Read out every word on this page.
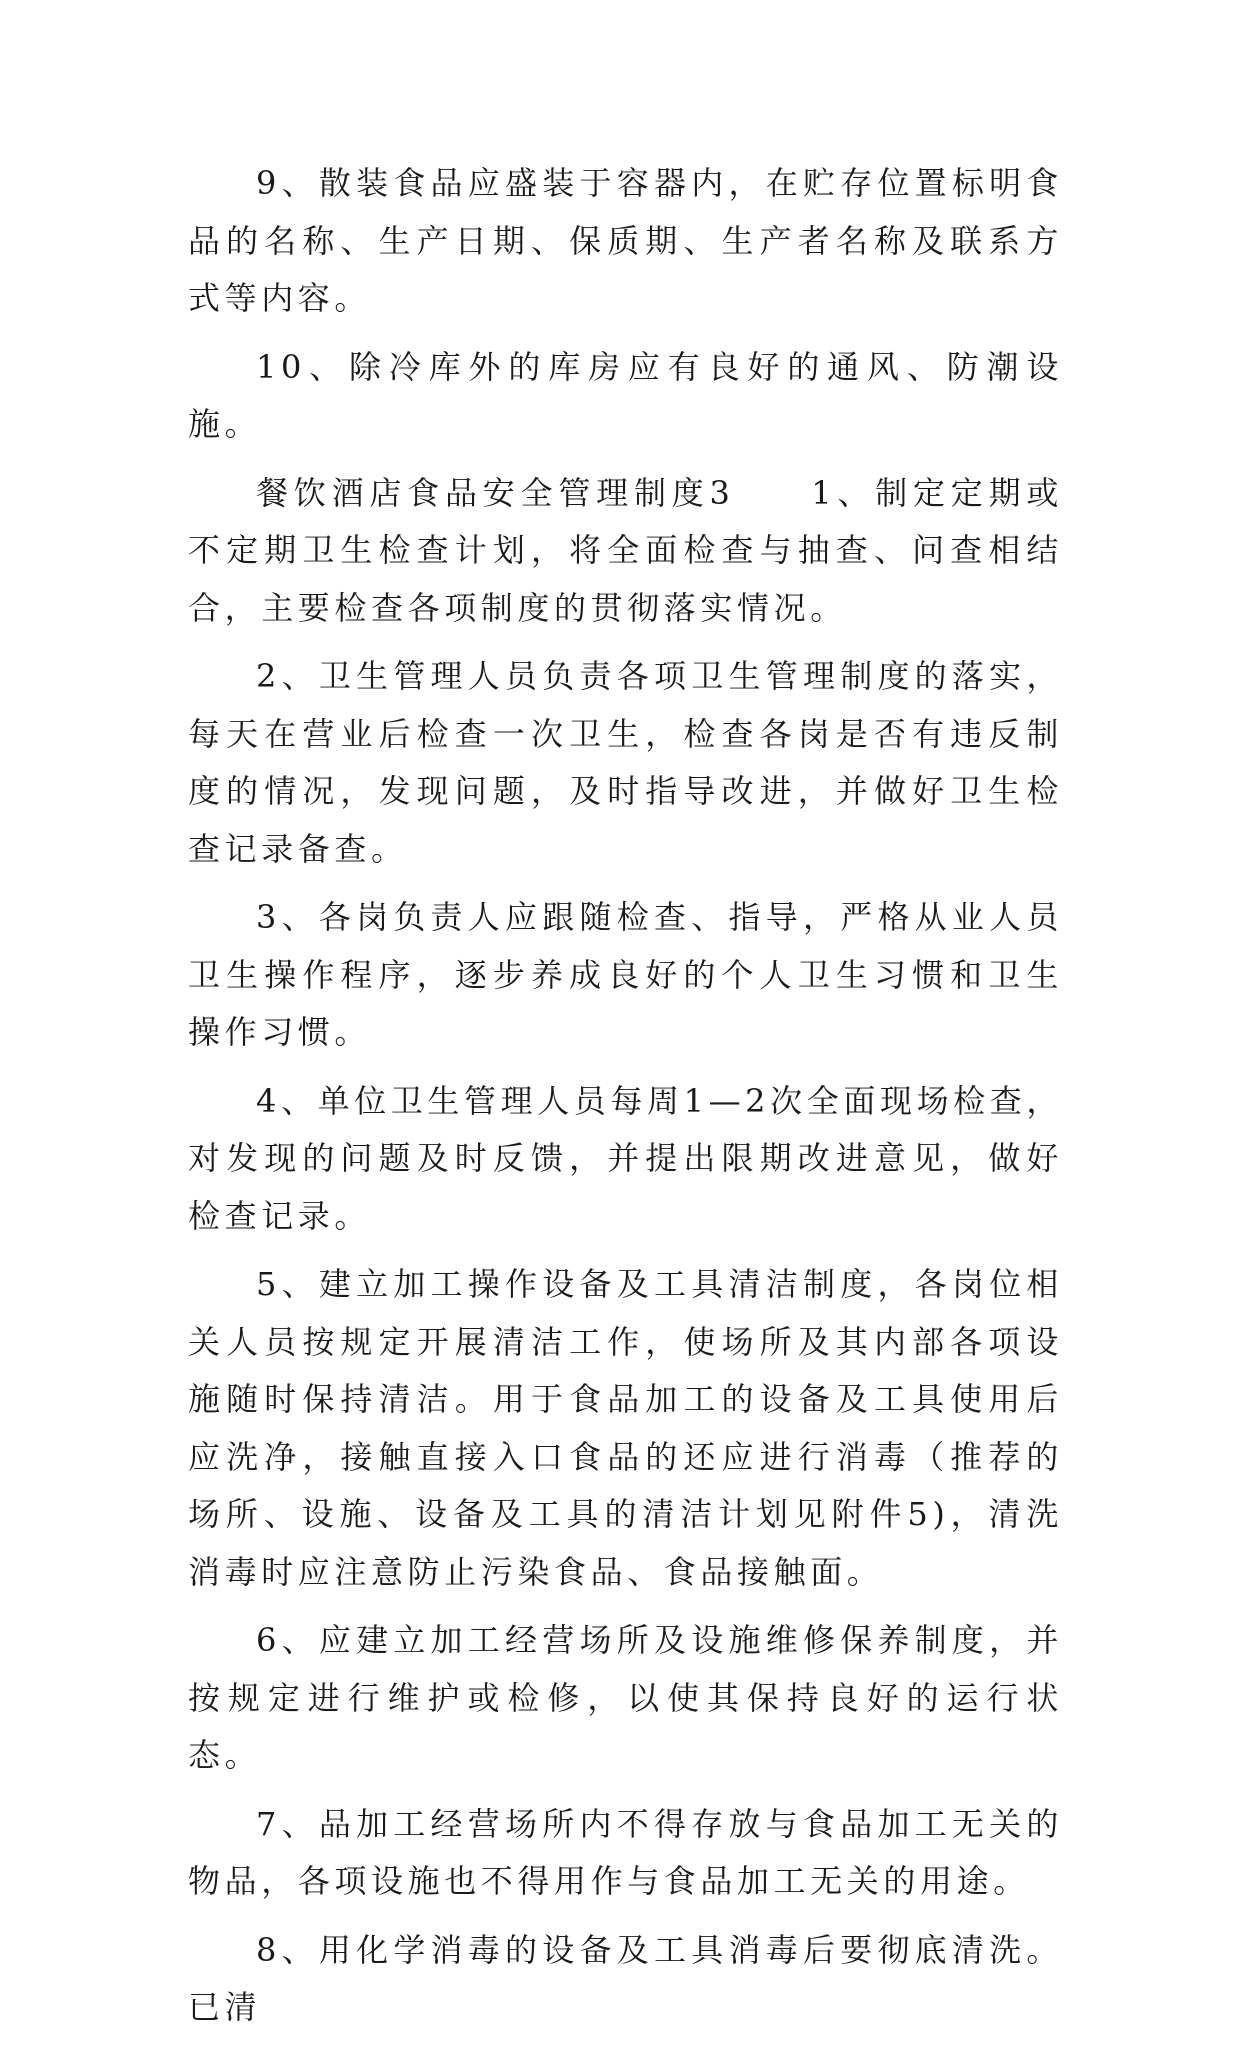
9、散装食品应盛装于容器内，在贮存位置标明食品的名称、生产日期、保质期、生产者名称及联系方式等内容。

10、除冷库外的库房应有良好的通风、防潮设施。

餐饮酒店食品安全管理制度3　　1、制定定期或不定期卫生检查计划，将全面检查与抽查、问查相结合，主要检查各项制度的贯彻落实情况。

2、卫生管理人员负责各项卫生管理制度的落实，每天在营业后检查一次卫生，检查各岗是否有违反制度的情况，发现问题，及时指导改进，并做好卫生检查记录备查。

3、各岗负责人应跟随检查、指导，严格从业人员卫生操作程序，逐步养成良好的个人卫生习惯和卫生操作习惯。

4、单位卫生管理人员每周1—2次全面现场检查，对发现的问题及时反馈，并提出限期改进意见，做好检查记录。

5、建立加工操作设备及工具清洁制度，各岗位相关人员按规定开展清洁工作，使场所及其内部各项设施随时保持清洁。用于食品加工的设备及工具使用后应洗净，接触直接入口食品的还应进行消毒（推荐的场所、设施、设备及工具的清洁计划见附件5)，清洗消毒时应注意防止污染食品、食品接触面。

6、应建立加工经营场所及设施维修保养制度，并按规定进行维护或检修，以使其保持良好的运行状态。

7、品加工经营场所内不得存放与食品加工无关的物品，各项设施也不得用作与食品加工无关的用途。

8、用化学消毒的设备及工具消毒后要彻底清洗。已清
